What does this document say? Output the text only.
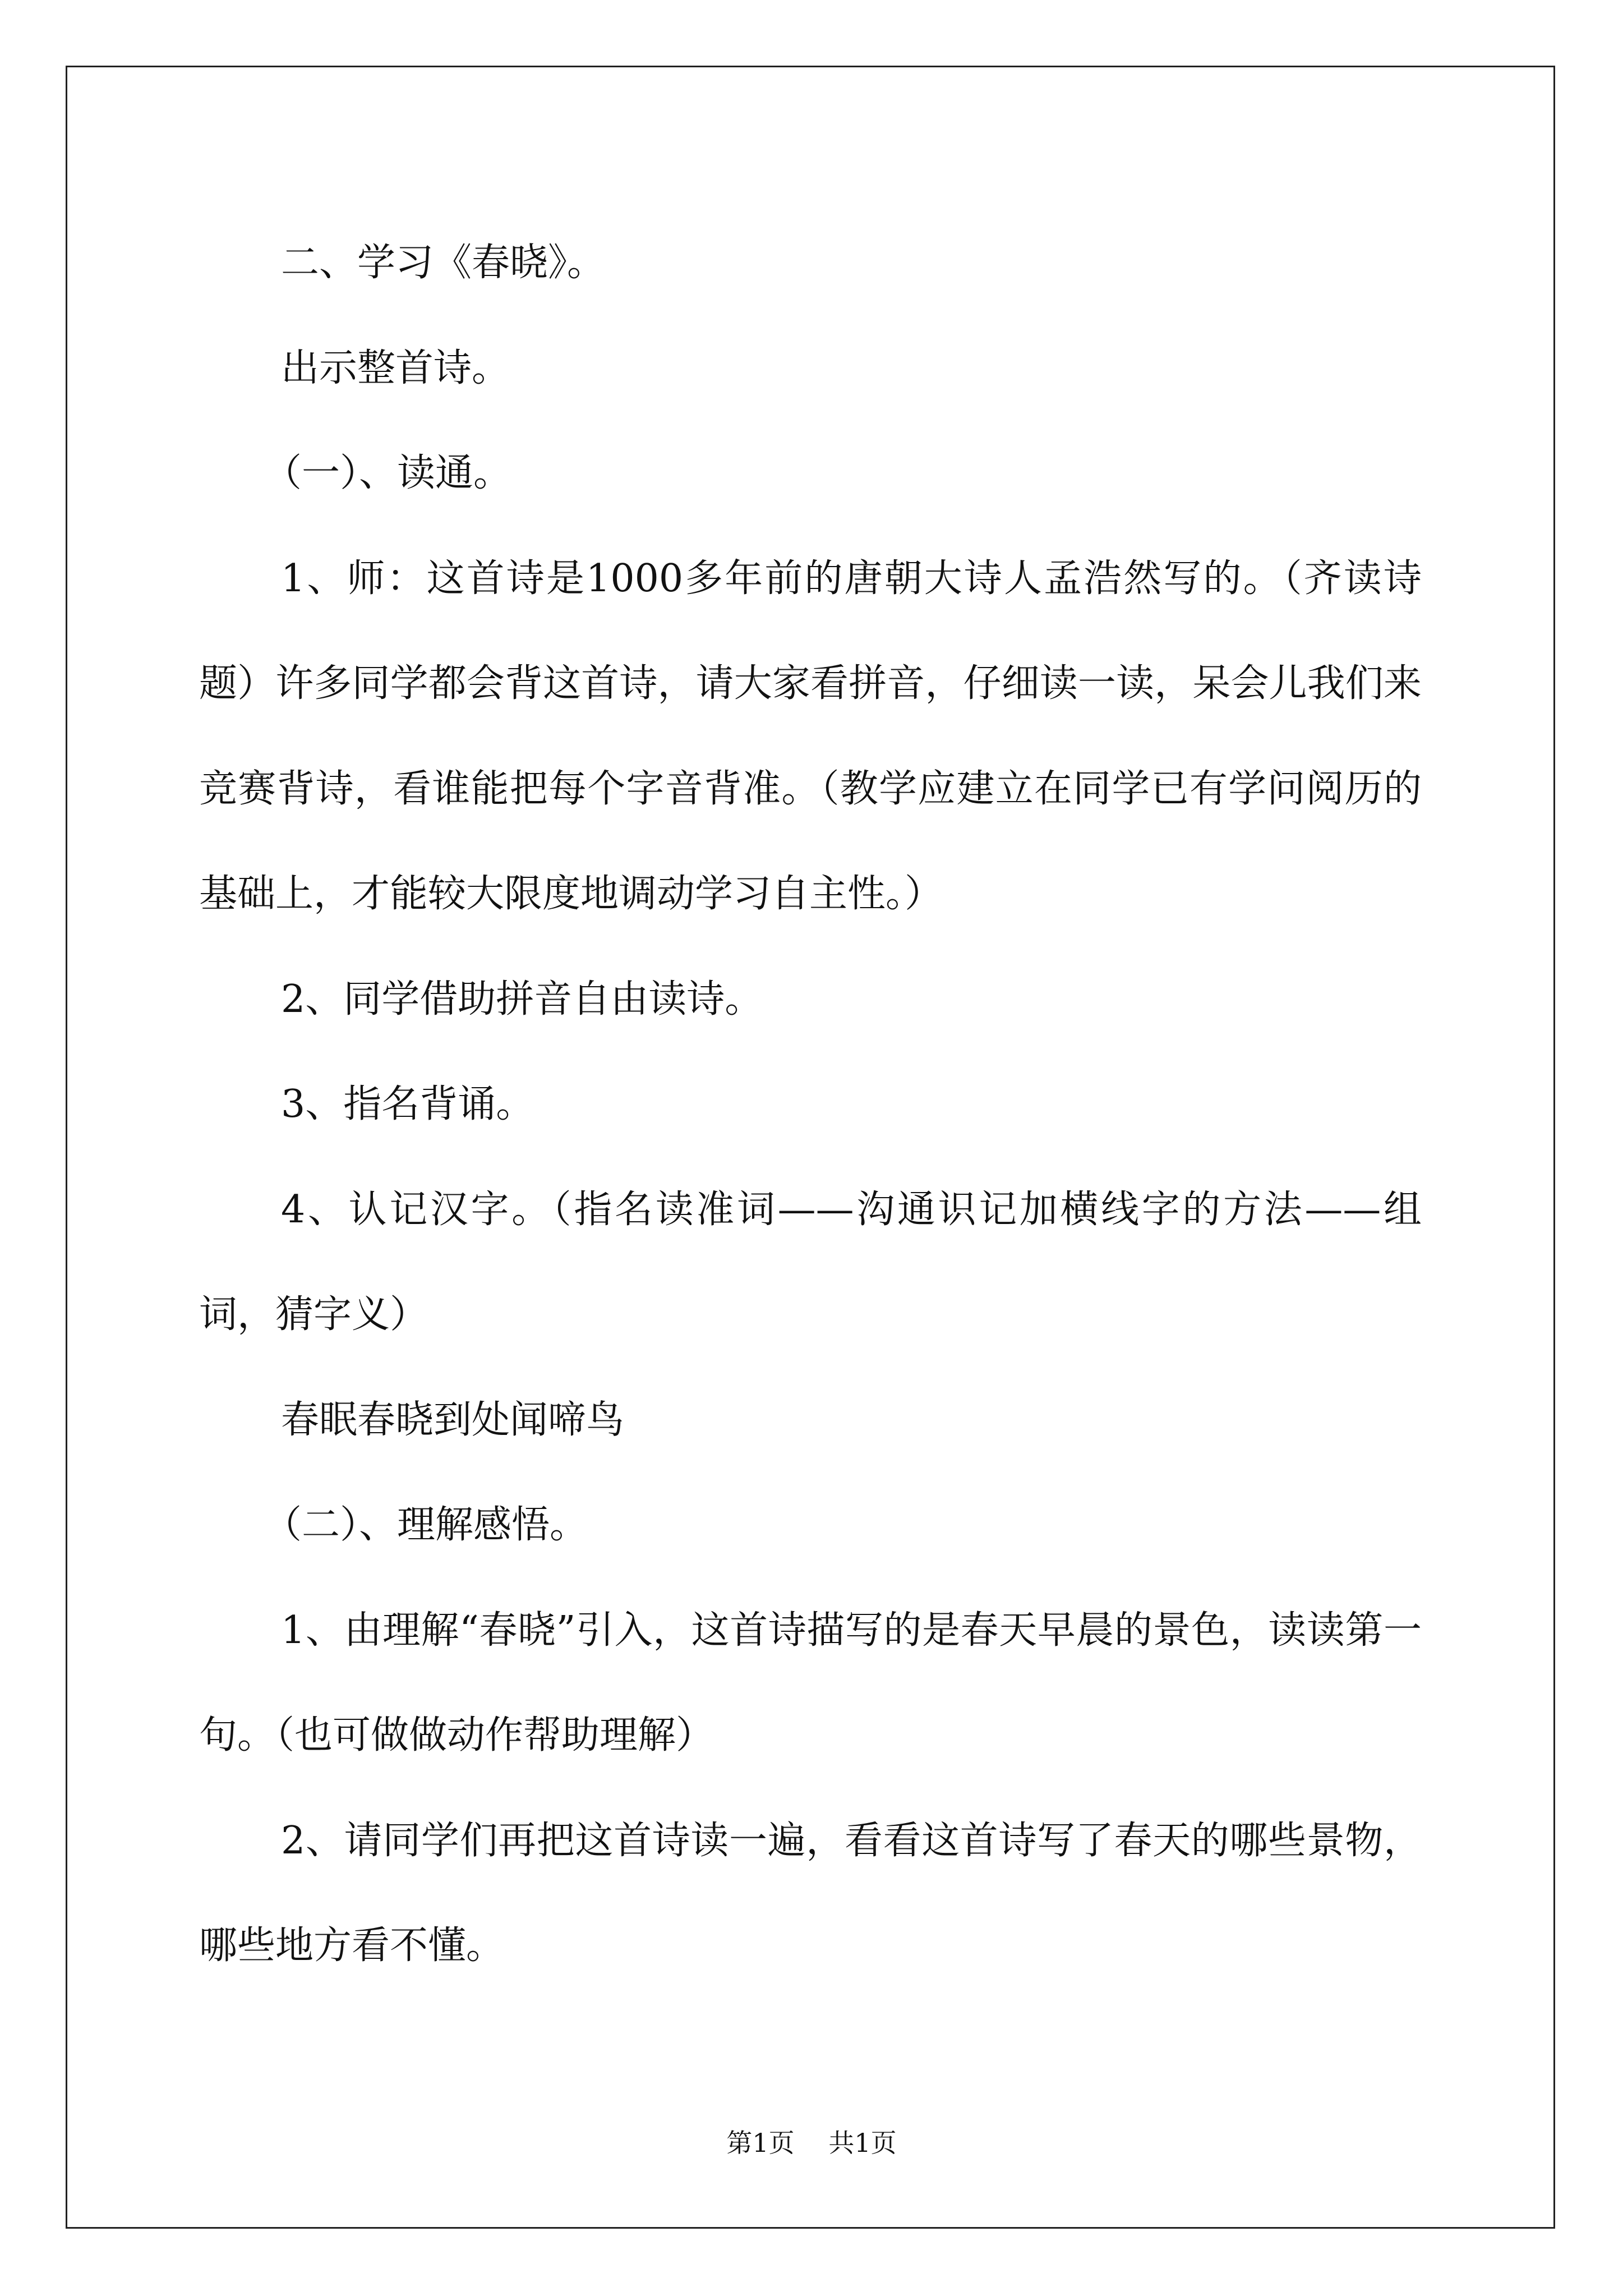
二、学习《春晓》。

出示整首诗。

（一）、读通。

1、师：这首诗是1000多年前的唐朝大诗人孟浩然写的。（齐读诗题）许多同学都会背这首诗，请大家看拼音，仔细读一读，呆会儿我们来竞赛背诗，看谁能把每个字音背准。（教学应建立在同学已有学问阅历的基础上，才能较大限度地调动学习自主性。）

2、同学借助拼音自由读诗。

3、指名背诵。

4、认记汉字。（指名读准词——沟通识记加横线字的方法——组词，猜字义）

春眠春晓到处闻啼鸟

（二）、理解感悟。

1、由理解“春晓”引入，这首诗描写的是春天早晨的景色，读读第一句。（也可做做动作帮助理解）

2、请同学们再把这首诗读一遍，看看这首诗写了春天的哪些景物，哪些地方看不懂。

第1页 共1页
